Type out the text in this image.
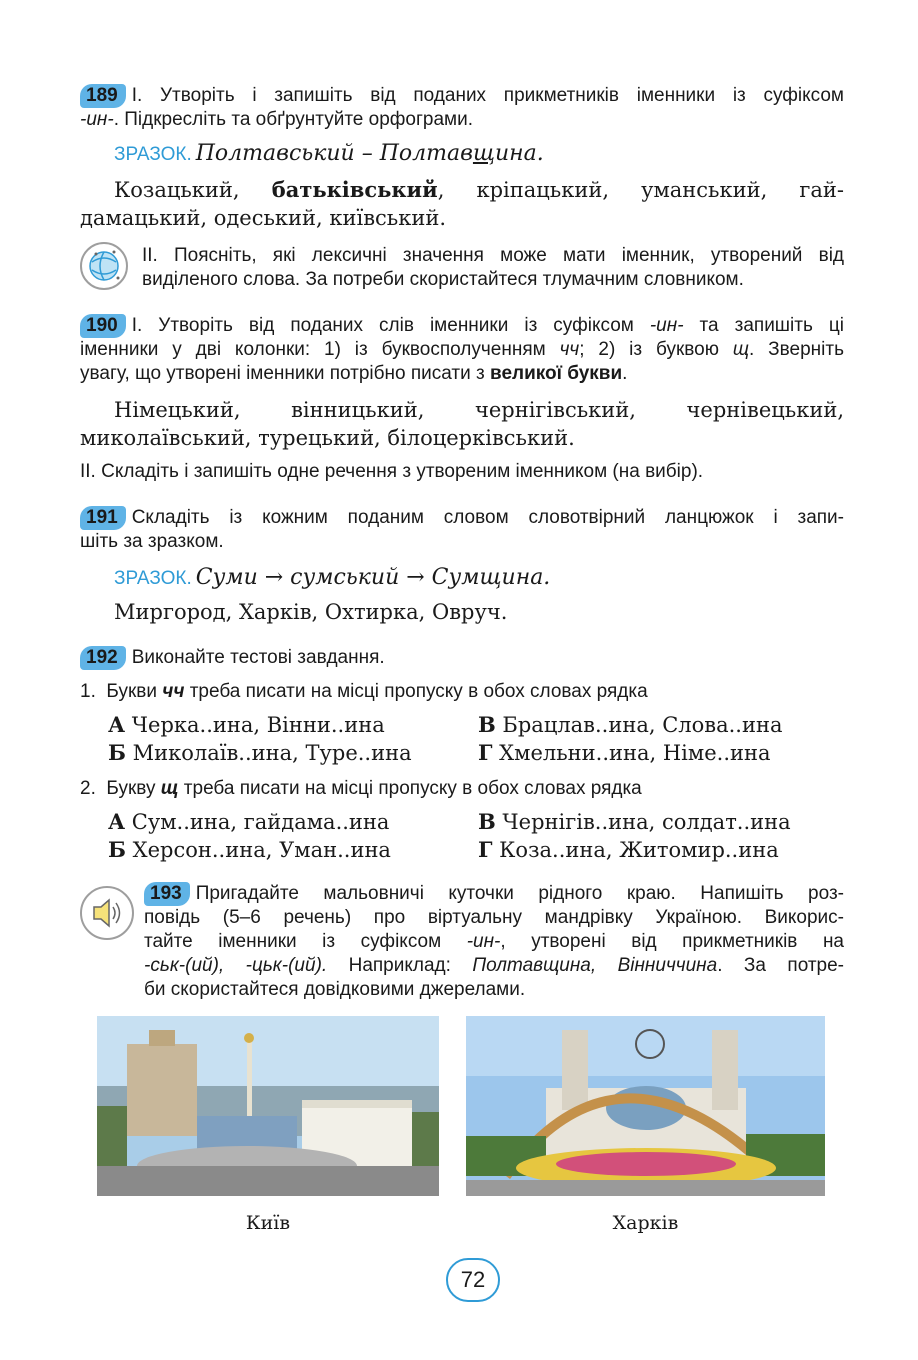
189 І. Утворіть і запишіть від поданих прикметників іменники із суфіксом
-ин-. Підкресліть та обґрунтуйте орфограми.
ЗРАЗОК. Полтавський – Полтавщина.
Козацький, батьківський, кріпацький, уманський, гай-
дамацький, одеський, київський.
ІІ. Поясніть, які лексичні значення може мати іменник, утворений від
виділеного слова. За потреби скористайтеся тлумачним словником.
190 І. Утворіть від поданих слів іменники із суфіксом -ин- та запишіть ці
іменники у дві колонки: 1) із буквосполученням чч; 2) із буквою щ. Зверніть
увагу, що утворені іменники потрібно писати з великої букви.
Німецький, вінницький, чернігівський, чернівецький,
миколаївський, турецький, білоцерківський.
ІІ. Складіть і запишіть одне речення з утвореним іменником (на вибір).
191 Складіть із кожним поданим словом словотвірний ланцюжок і запи-
шіть за зразком.
ЗРАЗОК. Суми → сумський → Сумщина.
Миргород, Харків, Охтирка, Овруч.
192 Виконайте тестові завдання.
1. Букви чч треба писати на місці пропуску в обох словах рядка
А Черка..ина, Вінни..ина	В Брацлав..ина, Слова..ина
Б Миколаїв..ина, Туре..ина	Г Хмельни..ина, Німе..ина
2. Букву щ треба писати на місці пропуску в обох словах рядка
А Сум..ина, гайдама..ина	В Чернігів..ина, солдат..ина
Б Херсон..ина, Уман..ина	Г Коза..ина, Житомир..ина
193 Пригадайте мальовничі куточки рідного краю. Напишіть роз-
повідь (5–6 речень) про віртуальну мандрівку Україною. Викорис-
тайте іменники із суфіксом -ин-, утворені від прикметників на
-ськ-(ий), -цьк-(ий). Наприклад: Полтавщина, Вінниччина. За потре-
би скористайтеся довідковими джерелами.
Київ	Харків
72
